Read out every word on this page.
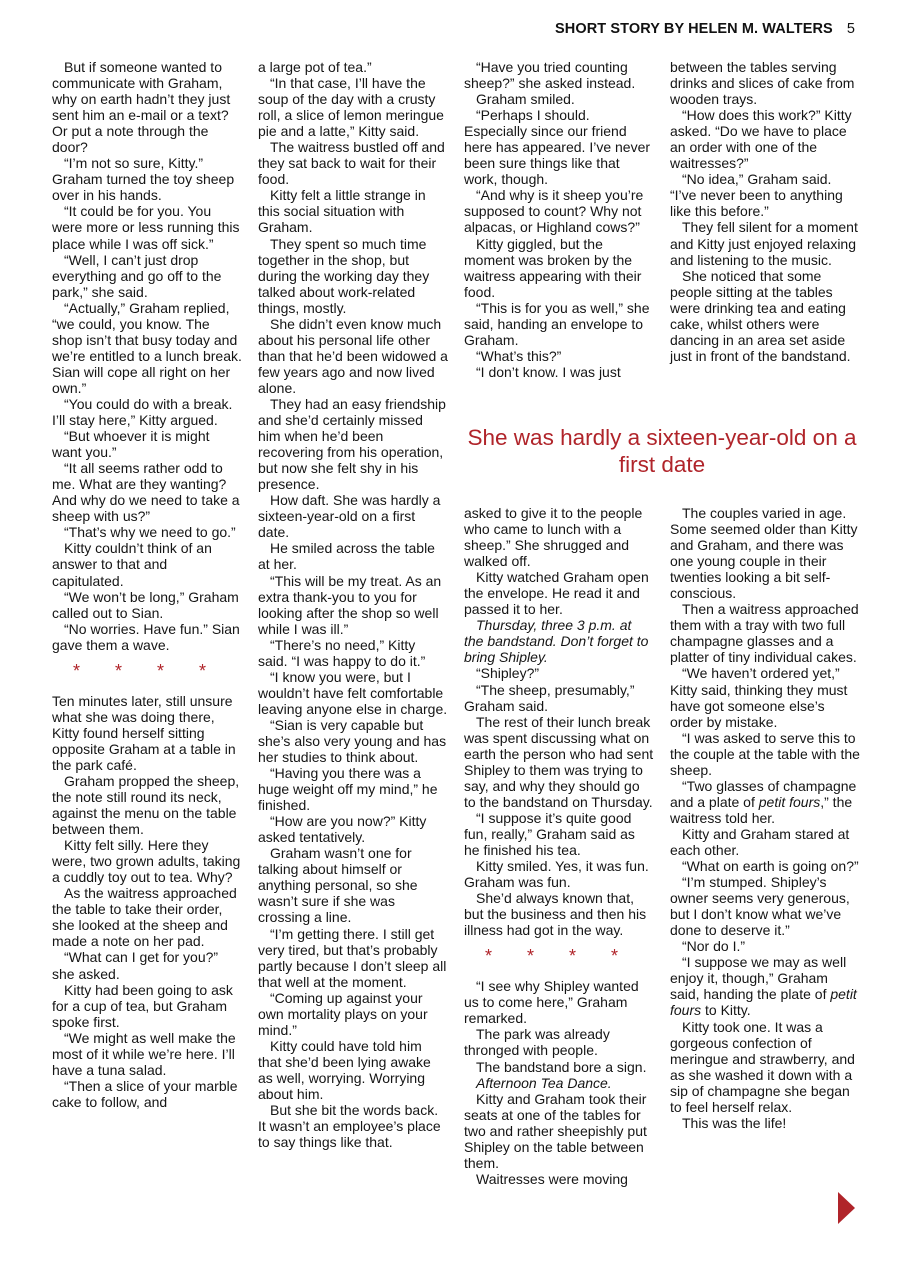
SHORT STORY BY HELEN M. WALTERS 5

But if someone wanted to communicate with Graham, why on earth hadn’t they just sent him an e-mail or a text? Or put a note through the door?

“I’m not so sure, Kitty.” Graham turned the toy sheep over in his hands.

“It could be for you. You were more or less running this place while I was off sick.”

“Well, I can’t just drop everything and go off to the park,” she said.

“Actually,” Graham replied, “we could, you know. The shop isn’t that busy today and we’re entitled to a lunch break. Sian will cope all right on her own.”

“You could do with a break. I’ll stay here,” Kitty argued.

“But whoever it is might want you.”

“It all seems rather odd to me. What are they wanting? And why do we need to take a sheep with us?”

“That’s why we need to go.”

Kitty couldn’t think of an answer to that and capitulated.

“We won’t be long,” Graham called out to Sian.

“No worries. Have fun.” Sian gave them a wave.

* * * *

Ten minutes later, still unsure what she was doing there, Kitty found herself sitting opposite Graham at a table in the park café.

Graham propped the sheep, the note still round its neck, against the menu on the table between them.

Kitty felt silly. Here they were, two grown adults, taking a cuddly toy out to tea. Why?

As the waitress approached the table to take their order, she looked at the sheep and made a note on her pad.

“What can I get for you?” she asked.

Kitty had been going to ask for a cup of tea, but Graham spoke first.

“We might as well make the most of it while we’re here. I’ll have a tuna salad.

“Then a slice of your marble cake to follow, and

a large pot of tea.”

“In that case, I’ll have the soup of the day with a crusty roll, a slice of lemon meringue pie and a latte,” Kitty said.

The waitress bustled off and they sat back to wait for their food.

Kitty felt a little strange in this social situation with Graham.

They spent so much time together in the shop, but during the working day they talked about work-related things, mostly.

She didn’t even know much about his personal life other than that he’d been widowed a few years ago and now lived alone.

They had an easy friendship and she’d certainly missed him when he’d been recovering from his operation, but now she felt shy in his presence.

How daft. She was hardly a sixteen-year-old on a first date.

He smiled across the table at her.

“This will be my treat. As an extra thank-you to you for looking after the shop so well while I was ill.”

“There’s no need,” Kitty said. “I was happy to do it.”

“I know you were, but I wouldn’t have felt comfortable leaving anyone else in charge.

“Sian is very capable but she’s also very young and has her studies to think about.

“Having you there was a huge weight off my mind,” he finished.

“How are you now?” Kitty asked tentatively.

Graham wasn’t one for talking about himself or anything personal, so she wasn’t sure if she was crossing a line.

“I’m getting there. I still get very tired, but that’s probably partly because I don’t sleep all that well at the moment.

“Coming up against your own mortality plays on your mind.”

Kitty could have told him that she’d been lying awake as well, worrying. Worrying about him.

But she bit the words back. It wasn’t an employee’s place to say things like that.

“Have you tried counting sheep?” she asked instead.

Graham smiled.

“Perhaps I should. Especially since our friend here has appeared. I’ve never been sure things like that work, though.

“And why is it sheep you’re supposed to count? Why not alpacas, or Highland cows?”

Kitty giggled, but the moment was broken by the waitress appearing with their food.

“This is for you as well,” she said, handing an envelope to Graham.

“What’s this?”

“I don’t know. I was just

between the tables serving drinks and slices of cake from wooden trays.

“How does this work?” Kitty asked. “Do we have to place an order with one of the waitresses?”

“No idea,” Graham said. “I’ve never been to anything like this before.”

They fell silent for a moment and Kitty just enjoyed relaxing and listening to the music.

She noticed that some people sitting at the tables were drinking tea and eating cake, whilst others were dancing in an area set aside just in front of the bandstand.

She was hardly a sixteen-year-old on a first date

asked to give it to the people who came to lunch with a sheep.” She shrugged and walked off.

Kitty watched Graham open the envelope. He read it and passed it to her.

Thursday, three 3 p.m. at the bandstand. Don’t forget to bring Shipley.

“Shipley?”

“The sheep, presumably,” Graham said.

The rest of their lunch break was spent discussing what on earth the person who had sent Shipley to them was trying to say, and why they should go to the bandstand on Thursday.

“I suppose it’s quite good fun, really,” Graham said as he finished his tea.

Kitty smiled. Yes, it was fun. Graham was fun.

She’d always known that, but the business and then his illness had got in the way.

* * * *

“I see why Shipley wanted us to come here,” Graham remarked.

The park was already thronged with people.

The bandstand bore a sign.

Afternoon Tea Dance.

Kitty and Graham took their seats at one of the tables for two and rather sheepishly put Shipley on the table between them.

Waitresses were moving

The couples varied in age. Some seemed older than Kitty and Graham, and there was one young couple in their twenties looking a bit self-conscious.

Then a waitress approached them with a tray with two full champagne glasses and a platter of tiny individual cakes.

“We haven’t ordered yet,” Kitty said, thinking they must have got someone else’s order by mistake.

“I was asked to serve this to the couple at the table with the sheep.

“Two glasses of champagne and a plate of petit fours,” the waitress told her.

Kitty and Graham stared at each other.

“What on earth is going on?”

“I’m stumped. Shipley’s owner seems very generous, but I don’t know what we’ve done to deserve it.”

“Nor do I.”

“I suppose we may as well enjoy it, though,” Graham said, handing the plate of petit fours to Kitty.

Kitty took one. It was a gorgeous confection of meringue and strawberry, and as she washed it down with a sip of champagne she began to feel herself relax.

This was the life!
